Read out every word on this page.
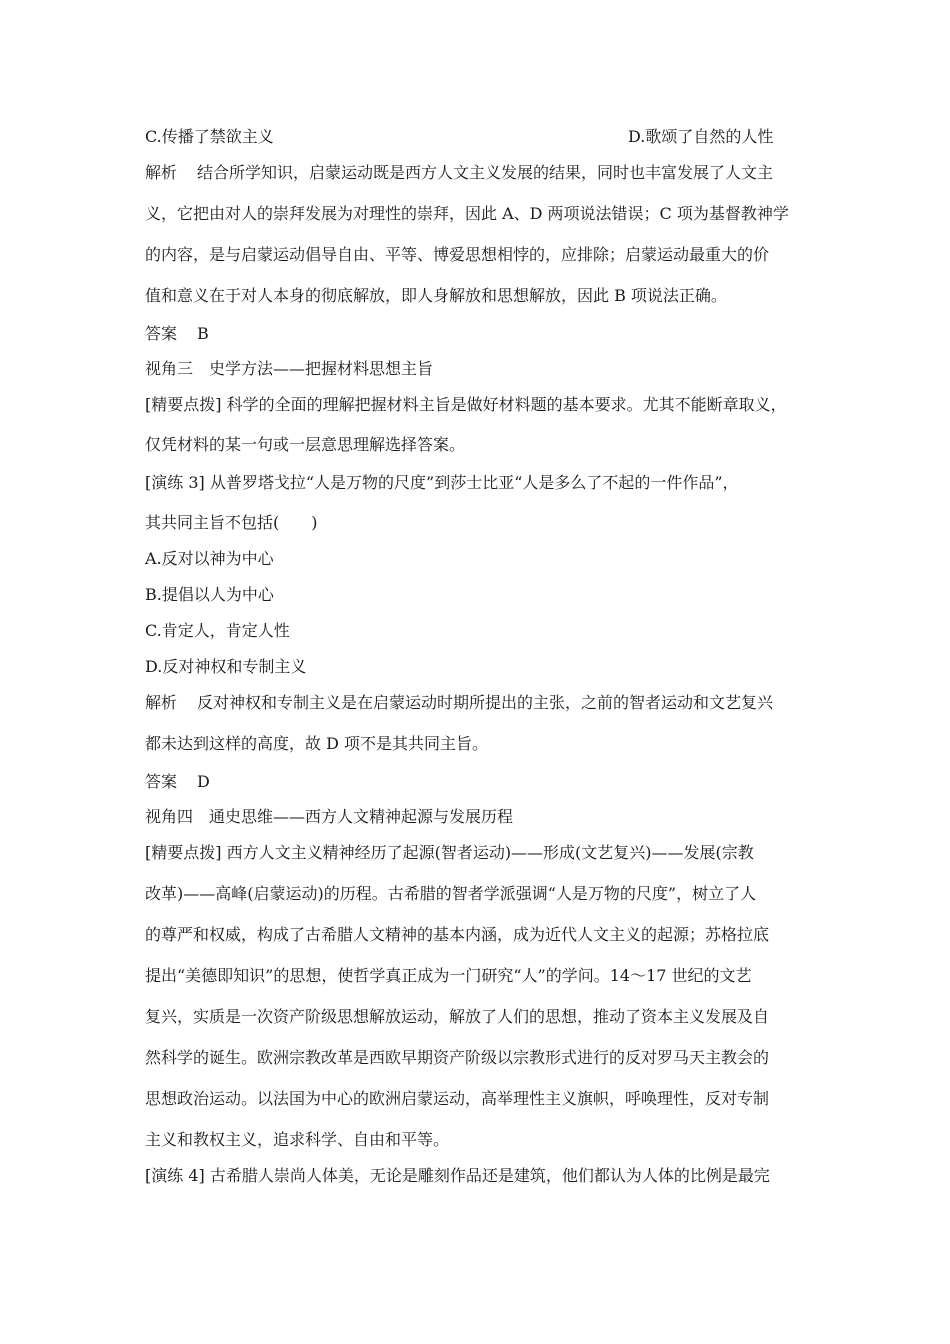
C.传播了禁欲主义	D.歌颂了自然的人性
解析 结合所学知识，启蒙运动既是西方人文主义发展的结果，同时也丰富发展了人文主
义，它把由对人的崇拜发展为对理性的崇拜，因此 A、D 两项说法错误；C 项为基督教神学
的内容，是与启蒙运动倡导自由、平等、博爱思想相悖的，应排除；启蒙运动最重大的价
值和意义在于对人本身的彻底解放，即人身解放和思想解放，因此 B 项说法正确。
答案 B
视角三　史学方法——把握材料思想主旨
[精要点拨] 科学的全面的理解把握材料主旨是做好材料题的基本要求。尤其不能断章取义，
仅凭材料的某一句或一层意思理解选择答案。
[演练 3] 从普罗塔戈拉“人是万物的尺度”到莎士比亚“人是多么了不起的一件作品”，
其共同主旨不包括(　　)
A.反对以神为中心
B.提倡以人为中心
C.肯定人，肯定人性
D.反对神权和专制主义
解析 反对神权和专制主义是在启蒙运动时期所提出的主张，之前的智者运动和文艺复兴
都未达到这样的高度，故 D 项不是其共同主旨。
答案 D
视角四　通史思维——西方人文精神起源与发展历程
[精要点拨] 西方人文主义精神经历了起源(智者运动)——形成(文艺复兴)——发展(宗教
改革)——高峰(启蒙运动)的历程。古希腊的智者学派强调“人是万物的尺度”，树立了人
的尊严和权威，构成了古希腊人文精神的基本内涵，成为近代人文主义的起源；苏格拉底
提出“美德即知识”的思想，使哲学真正成为一门研究“人”的学问。14～17 世纪的文艺
复兴，实质是一次资产阶级思想解放运动，解放了人们的思想，推动了资本主义发展及自
然科学的诞生。欧洲宗教改革是西欧早期资产阶级以宗教形式进行的反对罗马天主教会的
思想政治运动。以法国为中心的欧洲启蒙运动，高举理性主义旗帜，呼唤理性，反对专制
主义和教权主义，追求科学、自由和平等。
[演练 4] 古希腊人崇尚人体美，无论是雕刻作品还是建筑，他们都认为人体的比例是最完
